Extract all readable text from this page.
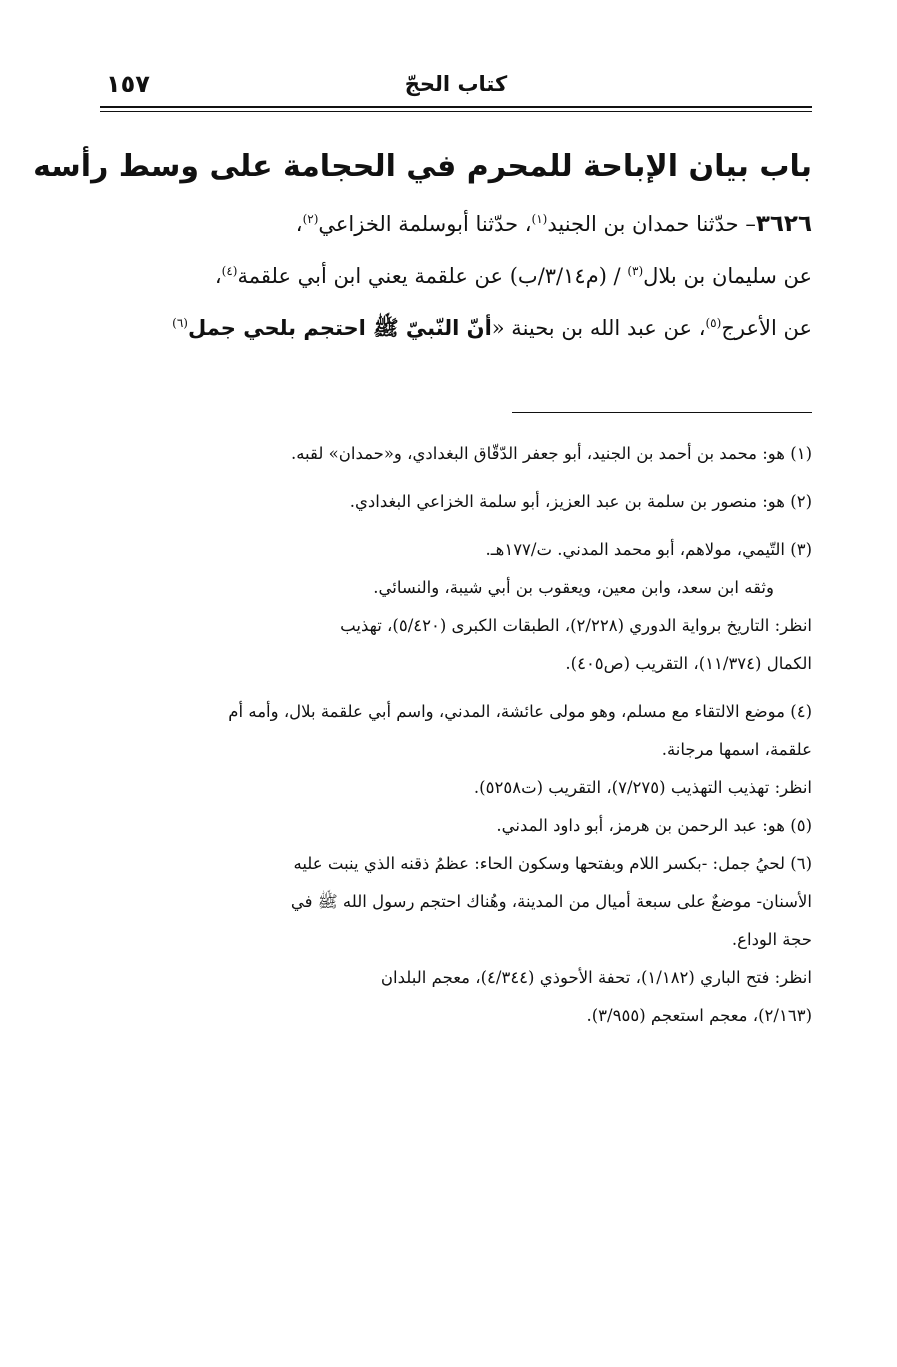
١٥٧	كتاب الحجّ
باب بيان الإباحة للمحرم في الحجامة على وسط رأسه
٣٦٢٦– حدّثنا حمدان بن الجنيد$^{(١)}$، حدّثنا أبوسلمة الخزاعي$^{(٢)}$،
عن سليمان بن بلال$^{(٣)}$ / (م٣/١٤/ب) عن علقمة يعني ابن أبي علقمة$^{(٤)}$،
عن الأعرج$^{(٥)}$، عن عبد الله بن بحينة «أنّ النّبيّ ﷺ احتجم بلحي جمل$^{(٦)}$
(١) هو: محمد بن أحمد بن الجنيد، أبو جعفر الدّقّاق البغدادي، و«حمدان» لقبه.
(٢) هو: منصور بن سلمة بن عبد العزيز، أبو سلمة الخزاعي البغدادي.
(٣) التّيمي، مولاهم، أبو محمد المدني. ت/١٧٧هـ.
وثقه ابن سعد، وابن معين، ويعقوب بن أبي شيبة، والنسائي.
انظر: التاريخ برواية الدوري (٢/٢٢٨)، الطبقات الكبرى (٥/٤٢٠)، تهذيب
الكمال (١١/٣٧٤)، التقريب (ص٤٠٥).
(٤) موضع الالتقاء مع مسلم، وهو مولى عائشة، المدني، واسم أبي علقمة بلال، وأمه أم
علقمة، اسمها مرجانة.
انظر: تهذيب التهذيب (٧/٢٧٥)، التقريب (ت٥٢٥٨).
(٥) هو: عبد الرحمن بن هرمز، أبو داود المدني.
(٦) لحيُ جمل: -بكسر اللام وبفتحها وسكون الحاء: عظمُ ذقنه الذي ينبت عليه
الأسنان- موضعٌ على سبعة أميال من المدينة، وهُناك احتجم رسول الله ﷺ في
حجة الوداع.
انظر: فتح الباري (١/١٨٢)، تحفة الأحوذي (٤/٣٤٤)، معجم البلدان
(٢/١٦٣)، معجم استعجم (٣/٩٥٥).
